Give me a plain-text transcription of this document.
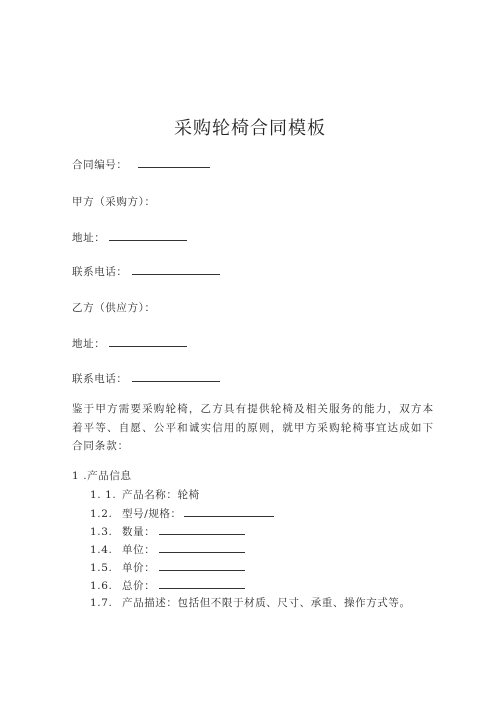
采购轮椅合同模板
合同编号：
甲方（采购方）：
地址：
联系电话：
乙方（供应方）：
地址：
联系电话：
鉴于甲方需要采购轮椅，乙方具有提供轮椅及相关服务的能力，双方本着平等、自愿、公平和诚实信用的原则，就甲方采购轮椅事宜达成如下合同条款：
1 .产品信息
1. 1. 产品名称：轮椅
1.2. 型号/规格：
1.3. 数量：
1.4. 单位：
1.5. 单价：
1.6. 总价：
1.7. 产品描述：包括但不限于材质、尺寸、承重、操作方式等。
